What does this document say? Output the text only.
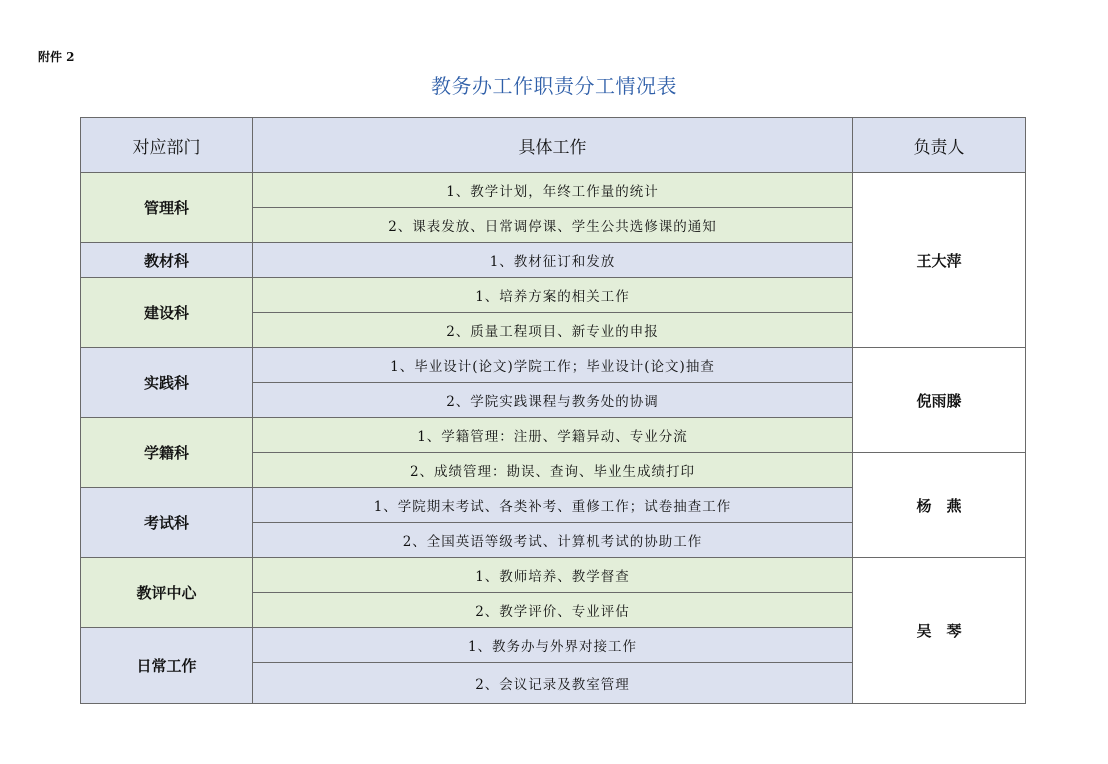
附件 2
教务办工作职责分工情况表
对应部门	具体工作	负责人
管理科	1、教学计划，年终工作量的统计	王大萍
	2、课表发放、日常调停课、学生公共选修课的通知	
教材科	1、教材征订和发放	
建设科	1、培养方案的相关工作	
	2、质量工程项目、新专业的申报	
实践科	1、毕业设计(论文)学院工作；毕业设计(论文)抽查	倪雨滕
	2、学院实践课程与教务处的协调	
学籍科	1、学籍管理：注册、学籍异动、专业分流	
	2、成绩管理：勘误、查询、毕业生成绩打印	杨　燕
考试科	1、学院期末考试、各类补考、重修工作；试卷抽查工作	
	2、全国英语等级考试、计算机考试的协助工作	
教评中心	1、教师培养、教学督查	吴　琴
	2、教学评价、专业评估	
日常工作	1、教务办与外界对接工作	
	2、会议记录及教室管理	
